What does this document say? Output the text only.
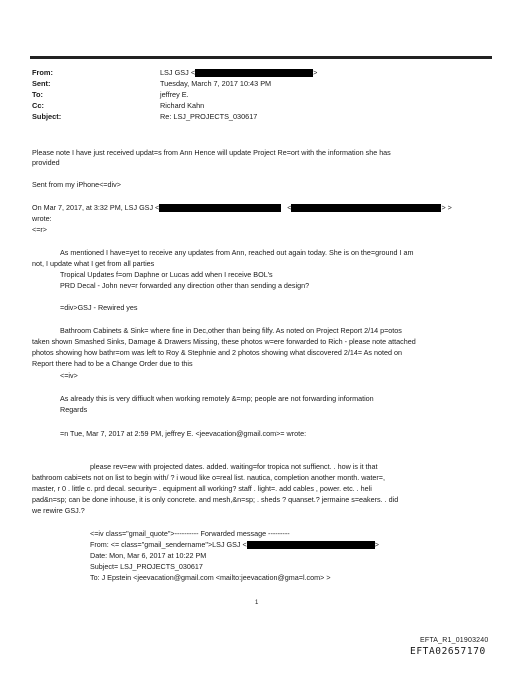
From:	LSJ GSJ <	>
Sent:	Tuesday, March 7, 2017 10:43 PM
To:	jeffrey E.
Cc:	Richard Kahn
Subject:	Re: LSJ_PROJECTS_030617
Please note I have just received updat=s from Ann Hence will update Project Re=ort with the information she has
provided
Sent from my iPhone<=div>
On Mar 7, 2017, at 3:32 PM, LSJ GSJ <	<	> >
wrote:
<=r>
As mentioned I have=yet to receive any updates from Ann, reached out again today. She is on the=ground I am
not, I update what I get from all parties
Tropical Updates f=om Daphne or Lucas add when I receive BOL's
PRD Decal - John nev=r forwarded any direction other than sending a design?
=div>GSJ - Rewired yes
Bathroom Cabinets & Sink= where fine in Dec,other than being filfy. As noted on Project Report 2/14 p=otos
taken shown Smashed Sinks, Damage & Drawers Missing, these photos w=ere forwarded to Rich - please note attached
photos showing how bathr=om was left to Roy & Stephnie and 2 photos showing what discovered 2/14= As noted on
Report there had to be a Change Order due to this
<=iv>
As already this is very diffiuclt when working remotely &=mp; people are not forwarding information
Regards
=n Tue, Mar 7, 2017 at 2:59 PM, jeffrey E. <jeevacation@gmail.com>= wrote:
please rev=ew with projected dates. added. waiting=for tropica not suffienct. . how is it that
bathroom cabi=ets not on list to begin with/ ? i woud like o=real list. nautica, completion another month. water=,
master, r 0 . little c. prd decal. security= . equipment all working? staff . light=. add cables , power. etc. . heli
pad&n=sp; can be done inhouse, it is only concrete. and mesh,&n=sp; . sheds ? quanset.? jermaine s=eakers. . did
we rewire GSJ.?
<=iv class="gmail_quote">---------- Forwarded message ---------
From: <= class="gmail_sendername">LSJ GSJ <	>
Date: Mon, Mar 6, 2017 at 10:22 PM
Subject= LSJ_PROJECTS_030617
To: J Epstein <jeevacation@gmail.com <mailto:jeevacation@gma=l.com> >
1
EFTA_R1_01903240
EFTA02657170
